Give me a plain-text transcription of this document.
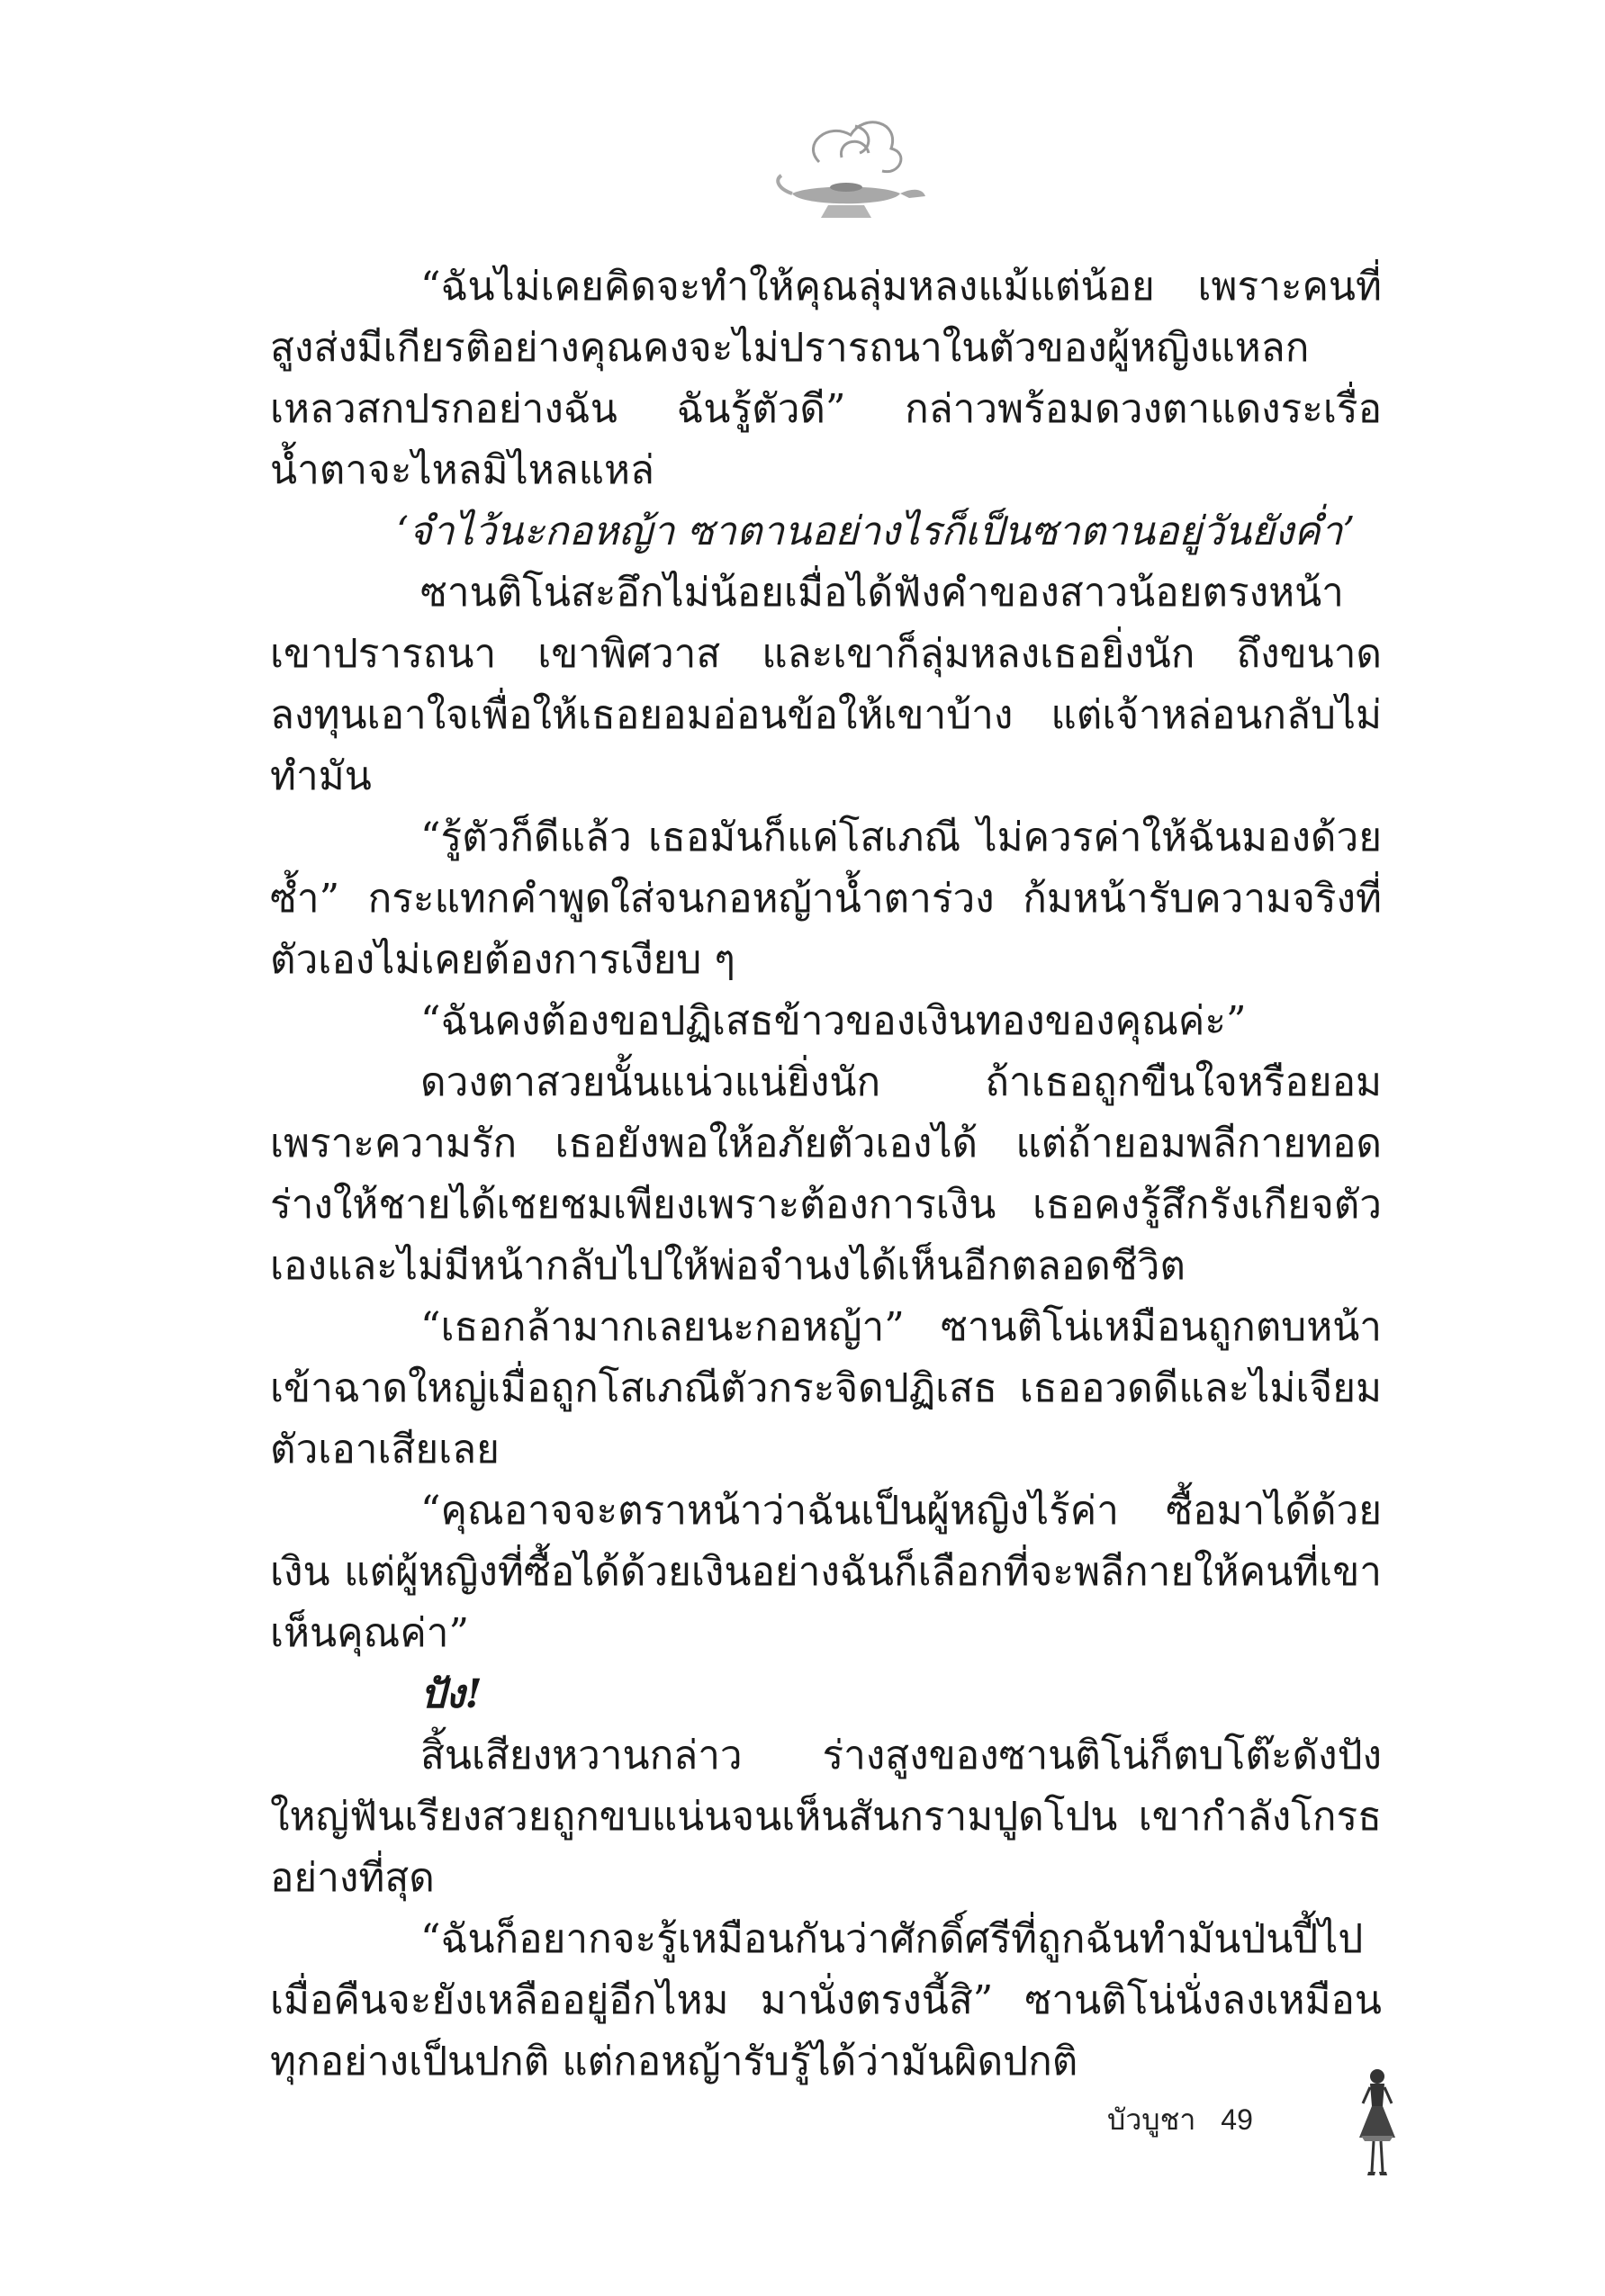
“ฉันไม่เคยคิดจะทำให้คุณลุ่มหลงแม้แต่น้อย เพราะคนที่สูงส่งมีเกียรติอย่างคุณคงจะไม่ปรารถนาในตัวของผู้หญิงแหลกเหลวสกปรกอย่างฉัน ฉันรู้ตัวดี” กล่าวพร้อมดวงตาแดงระเรื่อ น้ำตาจะไหลมิไหลแหล่

‘จำไว้นะกอหญ้า ซาตานอย่างไรก็เป็นซาตานอยู่วันยังค่ำ’

ซานติโน่สะอึกไม่น้อยเมื่อได้ฟังคำของสาวน้อยตรงหน้า เขาปรารถนา เขาพิศวาส และเขาก็ลุ่มหลงเธอยิ่งนัก ถึงขนาดลงทุนเอาใจเพื่อให้เธอยอมอ่อนข้อให้เขาบ้าง แต่เจ้าหล่อนกลับไม่ทำมัน

“รู้ตัวก็ดีแล้ว เธอมันก็แค่โสเภณี ไม่ควรค่าให้ฉันมองด้วยซ้ำ” กระแทกคำพูดใส่จนกอหญ้าน้ำตาร่วง ก้มหน้ารับความจริงที่ตัวเองไม่เคยต้องการเงียบ ๆ

“ฉันคงต้องขอปฏิเสธข้าวของเงินทองของคุณค่ะ”

ดวงตาสวยนั้นแน่วแน่ยิ่งนัก ถ้าเธอถูกขืนใจหรือยอมเพราะความรัก เธอยังพอให้อภัยตัวเองได้ แต่ถ้ายอมพลีกายทอดร่างให้ชายได้เชยชมเพียงเพราะต้องการเงิน เธอคงรู้สึกรังเกียจตัวเองและไม่มีหน้ากลับไปให้พ่อจำนงได้เห็นอีกตลอดชีวิต

“เธอกล้ามากเลยนะกอหญ้า” ซานติโน่เหมือนถูกตบหน้าเข้าฉาดใหญ่เมื่อถูกโสเภณีตัวกระจิดปฏิเสธ เธออวดดีและไม่เจียมตัวเอาเสียเลย

“คุณอาจจะตราหน้าว่าฉันเป็นผู้หญิงไร้ค่า ซื้อมาได้ด้วยเงิน แต่ผู้หญิงที่ซื้อได้ด้วยเงินอย่างฉันก็เลือกที่จะพลีกายให้คนที่เขาเห็นคุณค่า”

ปัง!

สิ้นเสียงหวานกล่าว ร่างสูงของซานติโน่ก็ตบโต๊ะดังปังใหญ่ฟันเรียงสวยถูกขบแน่นจนเห็นสันกรามปูดโปน เขากำลังโกรธอย่างที่สุด

“ฉันก็อยากจะรู้เหมือนกันว่าศักดิ์ศรีที่ถูกฉันทำมันป่นปี้ไปเมื่อคืนจะยังเหลืออยู่อีกไหม มานั่งตรงนี้สิ” ซานติโน่นั่งลงเหมือนทุกอย่างเป็นปกติ แต่กอหญ้ารับรู้ได้ว่ามันผิดปกติ

บัวบูชา 49
